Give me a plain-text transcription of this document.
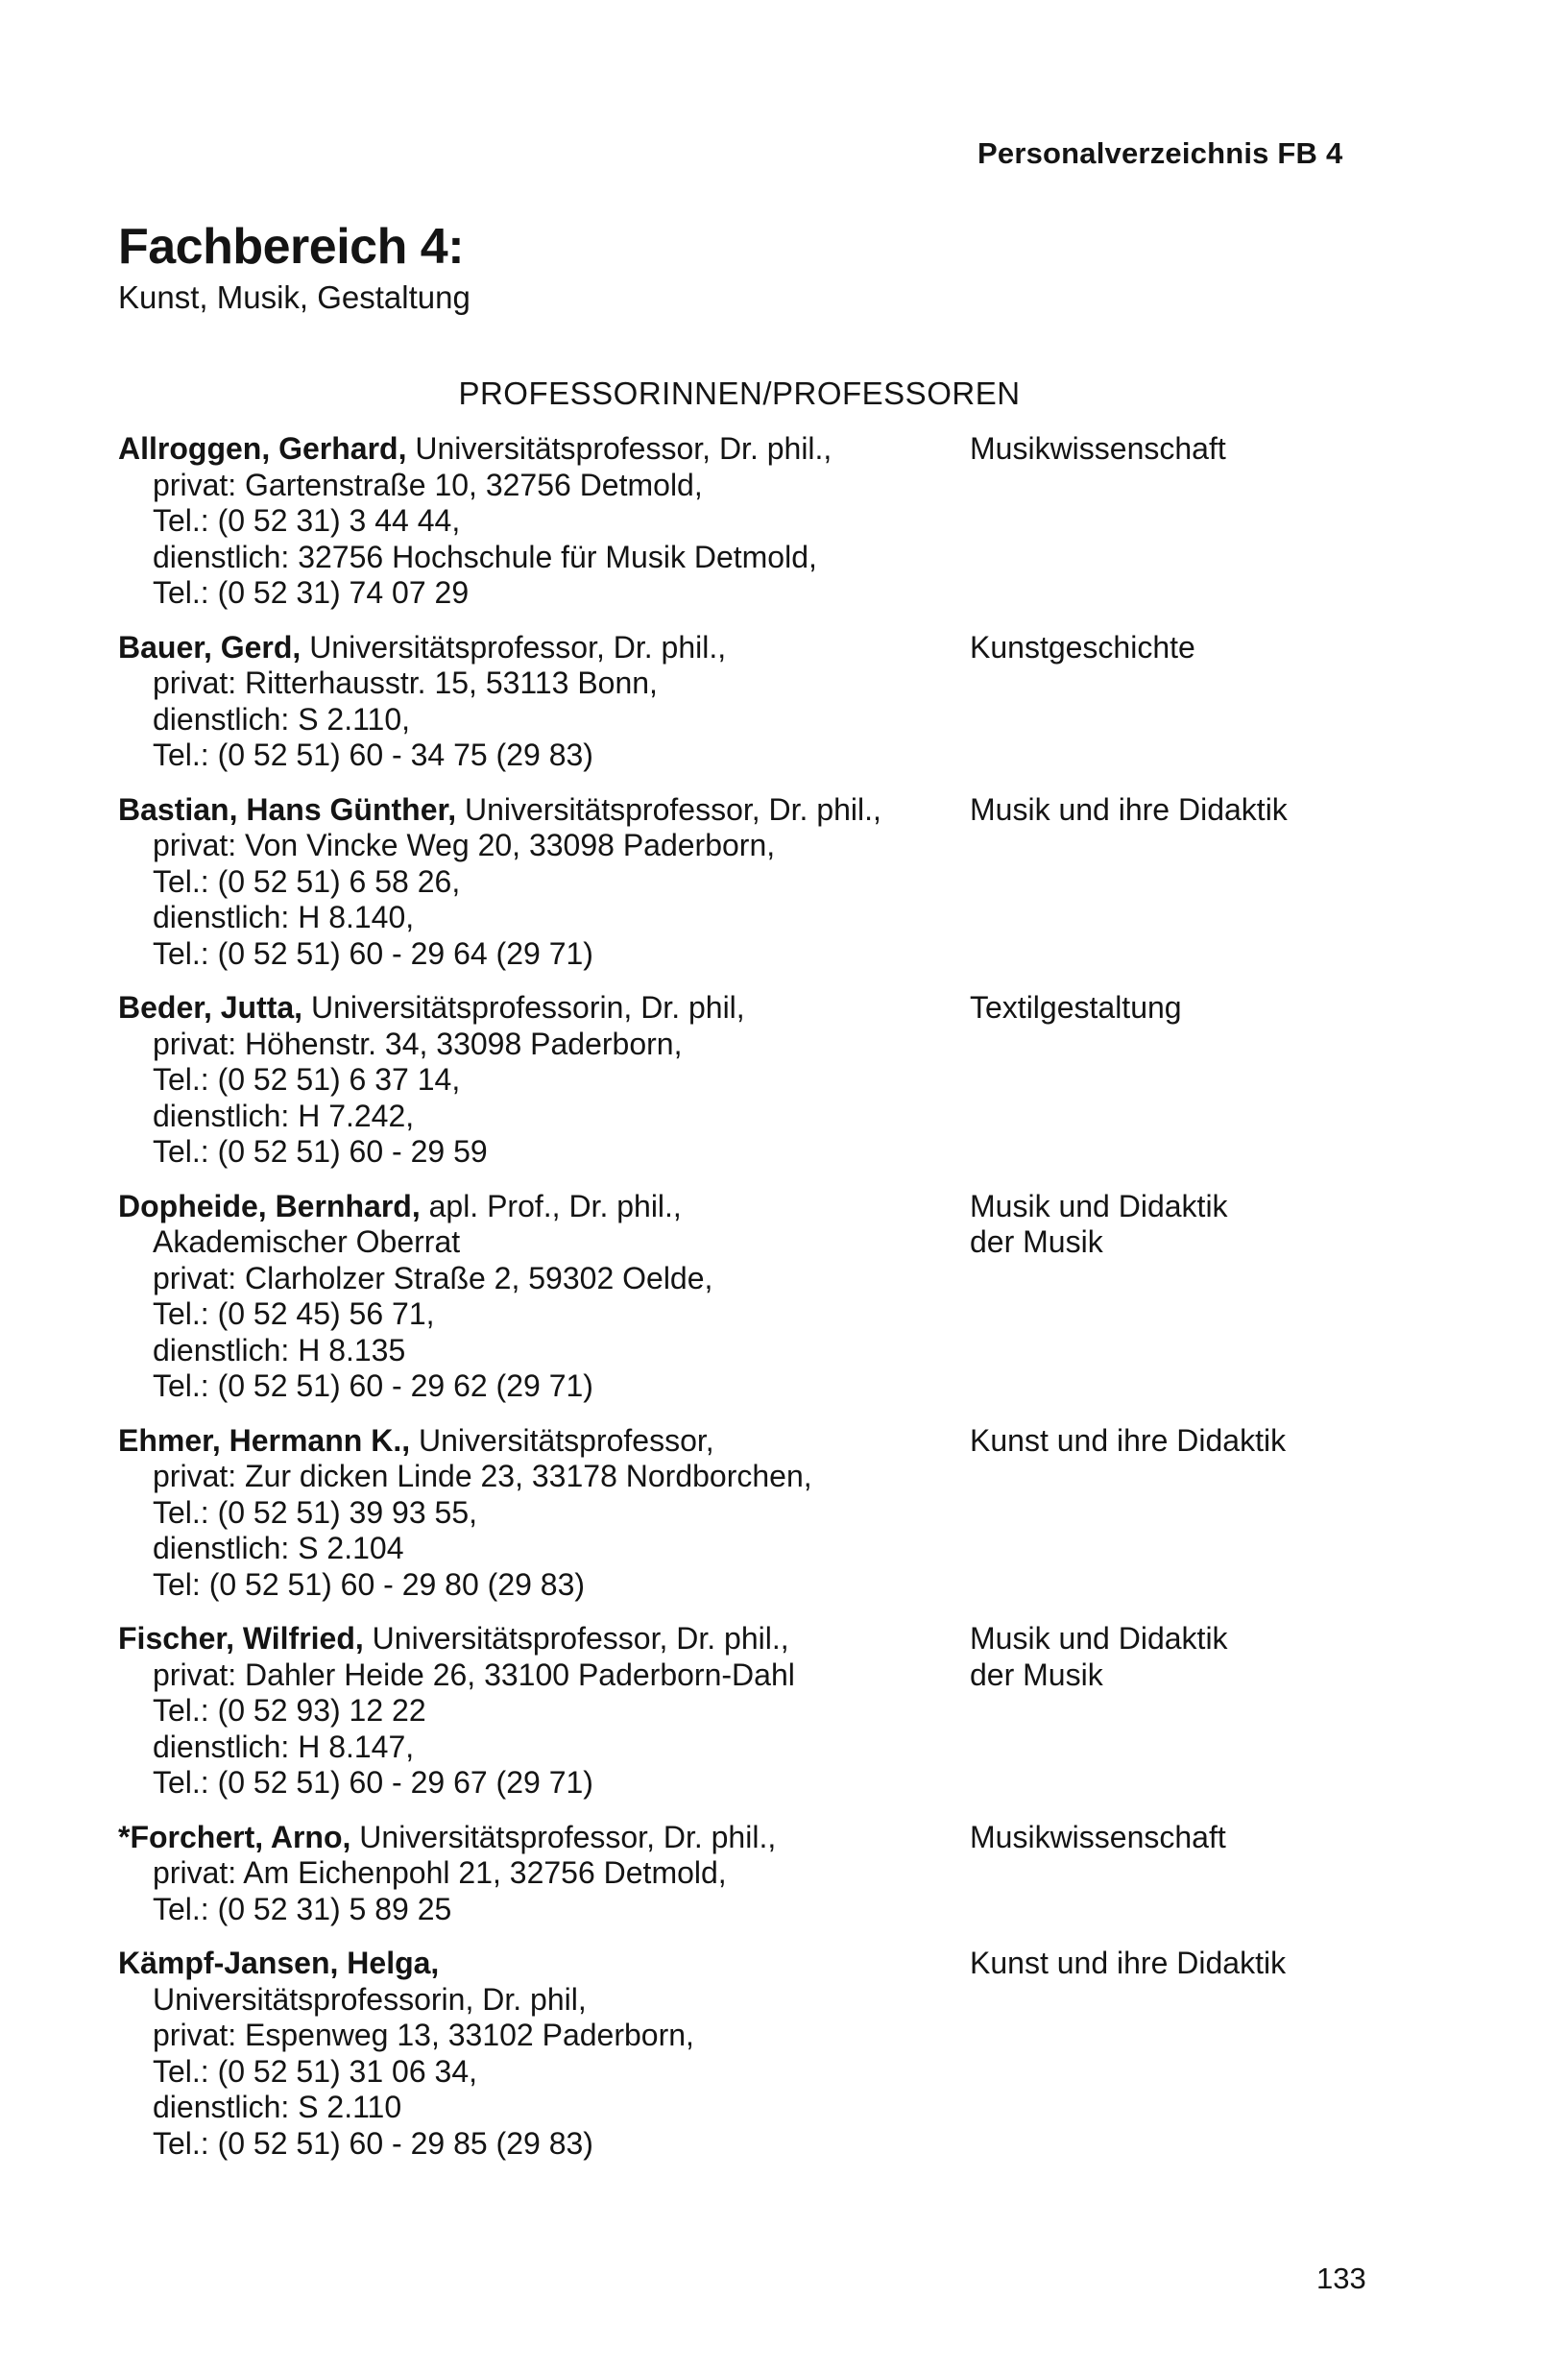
Personalverzeichnis FB 4
Fachbereich 4:
Kunst, Musik, Gestaltung
PROFESSORINNEN/PROFESSOREN
Allroggen, Gerhard, Universitätsprofessor, Dr. phil.,
privat: Gartenstraße 10, 32756 Detmold,
Tel.: (0 52 31) 3 44 44,
dienstlich: 32756 Hochschule für Musik Detmold,
Tel.: (0 52 31) 74 07 29
Musikwissenschaft
Bauer, Gerd, Universitätsprofessor, Dr. phil.,
privat: Ritterhausstr. 15, 53113 Bonn,
dienstlich: S 2.110,
Tel.: (0 52 51) 60 - 34 75 (29 83)
Kunstgeschichte
Bastian, Hans Günther, Universitätsprofessor, Dr. phil.,
privat: Von Vincke Weg 20, 33098 Paderborn,
Tel.: (0 52 51) 6 58 26,
dienstlich: H 8.140,
Tel.: (0 52 51) 60 - 29 64 (29 71)
Musik und ihre Didaktik
Beder, Jutta, Universitätsprofessorin, Dr. phil,
privat: Höhenstr. 34, 33098 Paderborn,
Tel.: (0 52 51) 6 37 14,
dienstlich: H 7.242,
Tel.: (0 52 51) 60 - 29 59
Textilgestaltung
Dopheide, Bernhard, apl. Prof., Dr. phil.,
Akademischer Oberrat
privat: Clarholzer Straße 2, 59302 Oelde,
Tel.: (0 52 45) 56 71,
dienstlich: H 8.135
Tel.: (0 52 51) 60 - 29 62 (29 71)
Musik und Didaktik
der Musik
Ehmer, Hermann K., Universitätsprofessor,
privat: Zur dicken Linde 23, 33178 Nordborchen,
Tel.: (0 52 51) 39 93 55,
dienstlich: S 2.104
Tel: (0 52 51) 60 - 29 80 (29 83)
Kunst und ihre Didaktik
Fischer, Wilfried, Universitätsprofessor, Dr. phil.,
privat: Dahler Heide 26, 33100 Paderborn-Dahl
Tel.: (0 52 93) 12 22
dienstlich: H 8.147,
Tel.: (0 52 51) 60 - 29 67 (29 71)
Musik und Didaktik
der Musik
*Forchert, Arno, Universitätsprofessor, Dr. phil.,
privat: Am Eichenpohl 21, 32756 Detmold,
Tel.: (0 52 31) 5 89 25
Musikwissenschaft
Kämpf-Jansen, Helga,
Universitätsprofessorin, Dr. phil,
privat: Espenweg 13, 33102 Paderborn,
Tel.: (0 52 51) 31 06 34,
dienstlich: S 2.110
Tel.: (0 52 51) 60 - 29 85 (29 83)
Kunst und ihre Didaktik
133
